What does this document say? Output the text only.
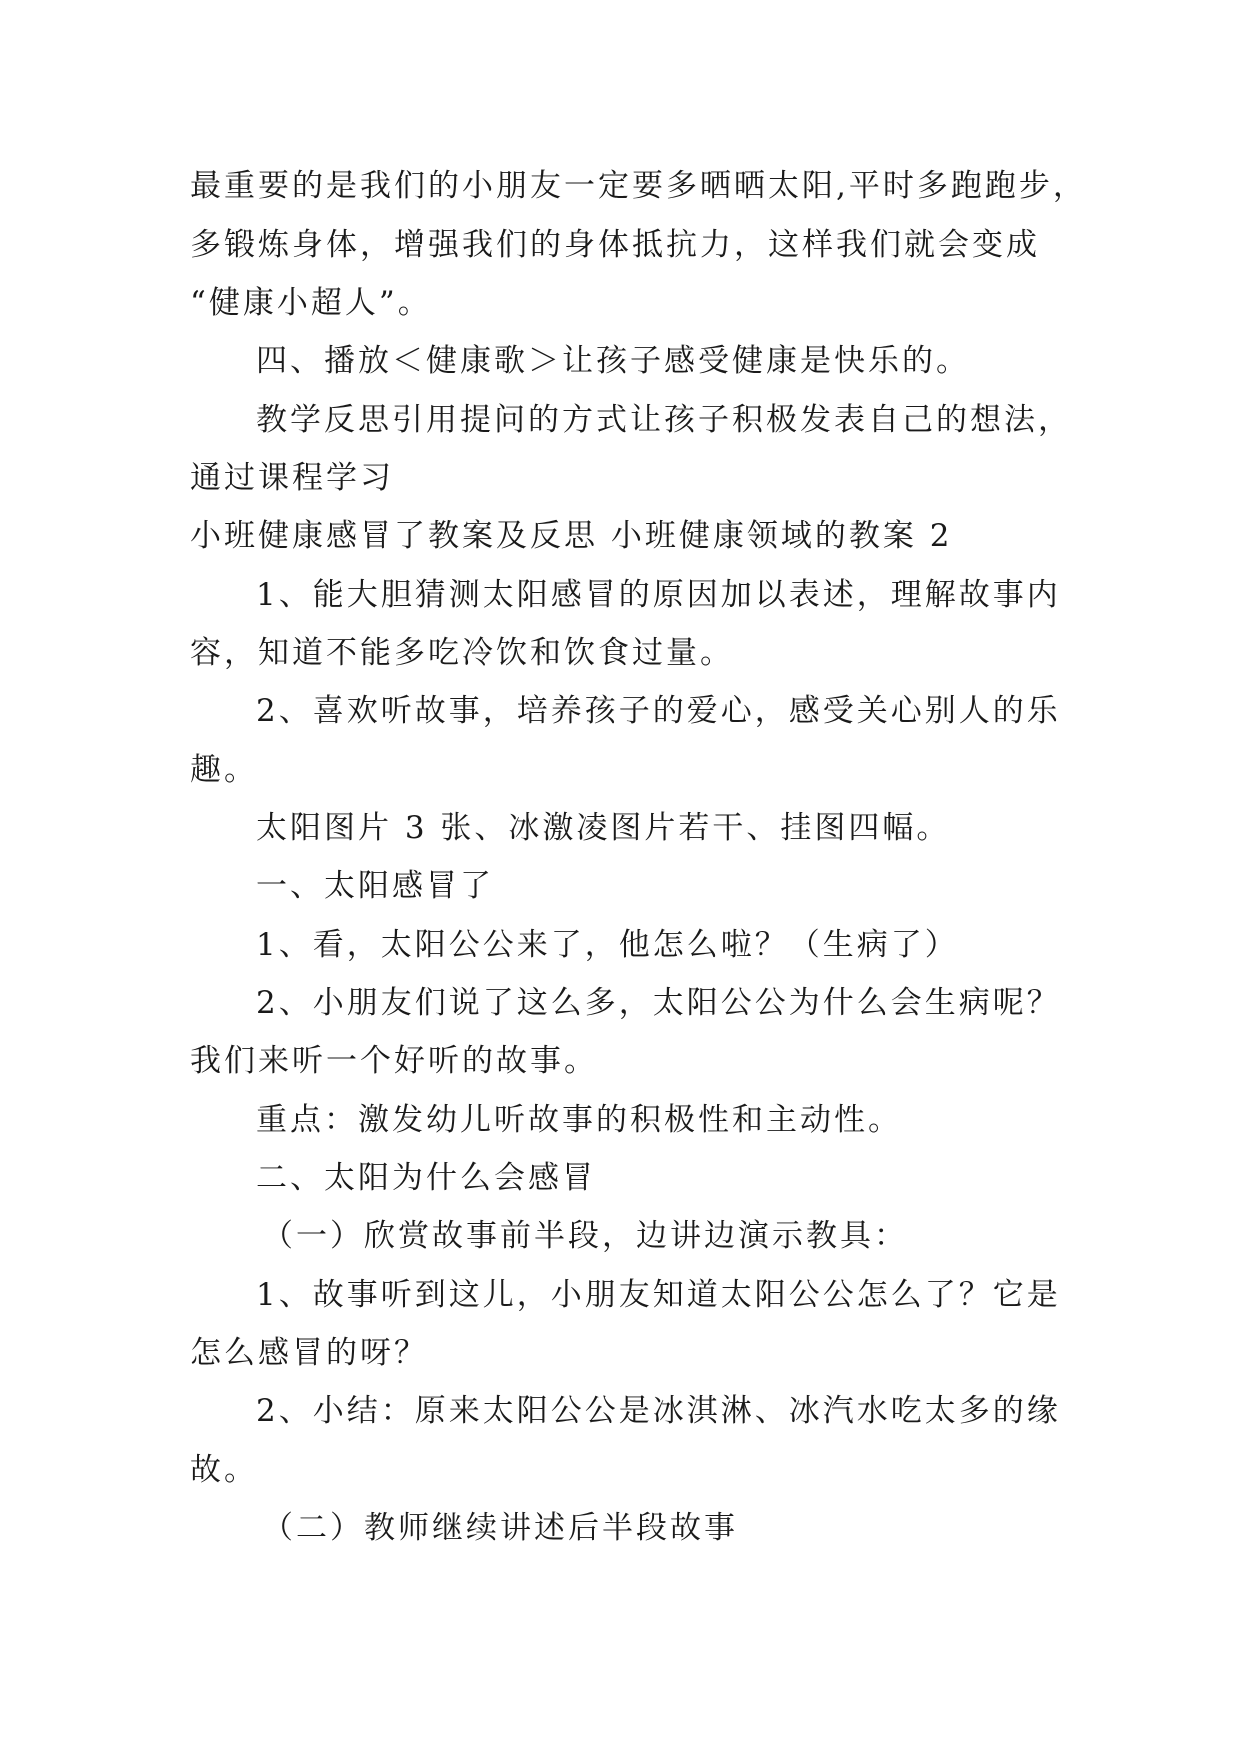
最重要的是我们的小朋友一定要多晒晒太阳,平时多跑跑步，
多锻炼身体，增强我们的身体抵抗力，这样我们就会变成
“健康小超人”。
四、播放＜健康歌＞让孩子感受健康是快乐的。
教学反思引用提问的方式让孩子积极发表自己的想法，
通过课程学习
小班健康感冒了教案及反思 小班健康领域的教案 2
1、能大胆猜测太阳感冒的原因加以表述，理解故事内
容，知道不能多吃冷饮和饮食过量。
2、喜欢听故事，培养孩子的爱心，感受关心别人的乐
趣。
太阳图片 3 张、冰激凌图片若干、挂图四幅。
一、太阳感冒了
1、看，太阳公公来了，他怎么啦？（生病了）
2、小朋友们说了这么多，太阳公公为什么会生病呢？
我们来听一个好听的故事。
重点：激发幼儿听故事的积极性和主动性。
二、太阳为什么会感冒
（一）欣赏故事前半段，边讲边演示教具：
1、故事听到这儿，小朋友知道太阳公公怎么了？它是
怎么感冒的呀？
2、小结：原来太阳公公是冰淇淋、冰汽水吃太多的缘
故。
（二）教师继续讲述后半段故事
